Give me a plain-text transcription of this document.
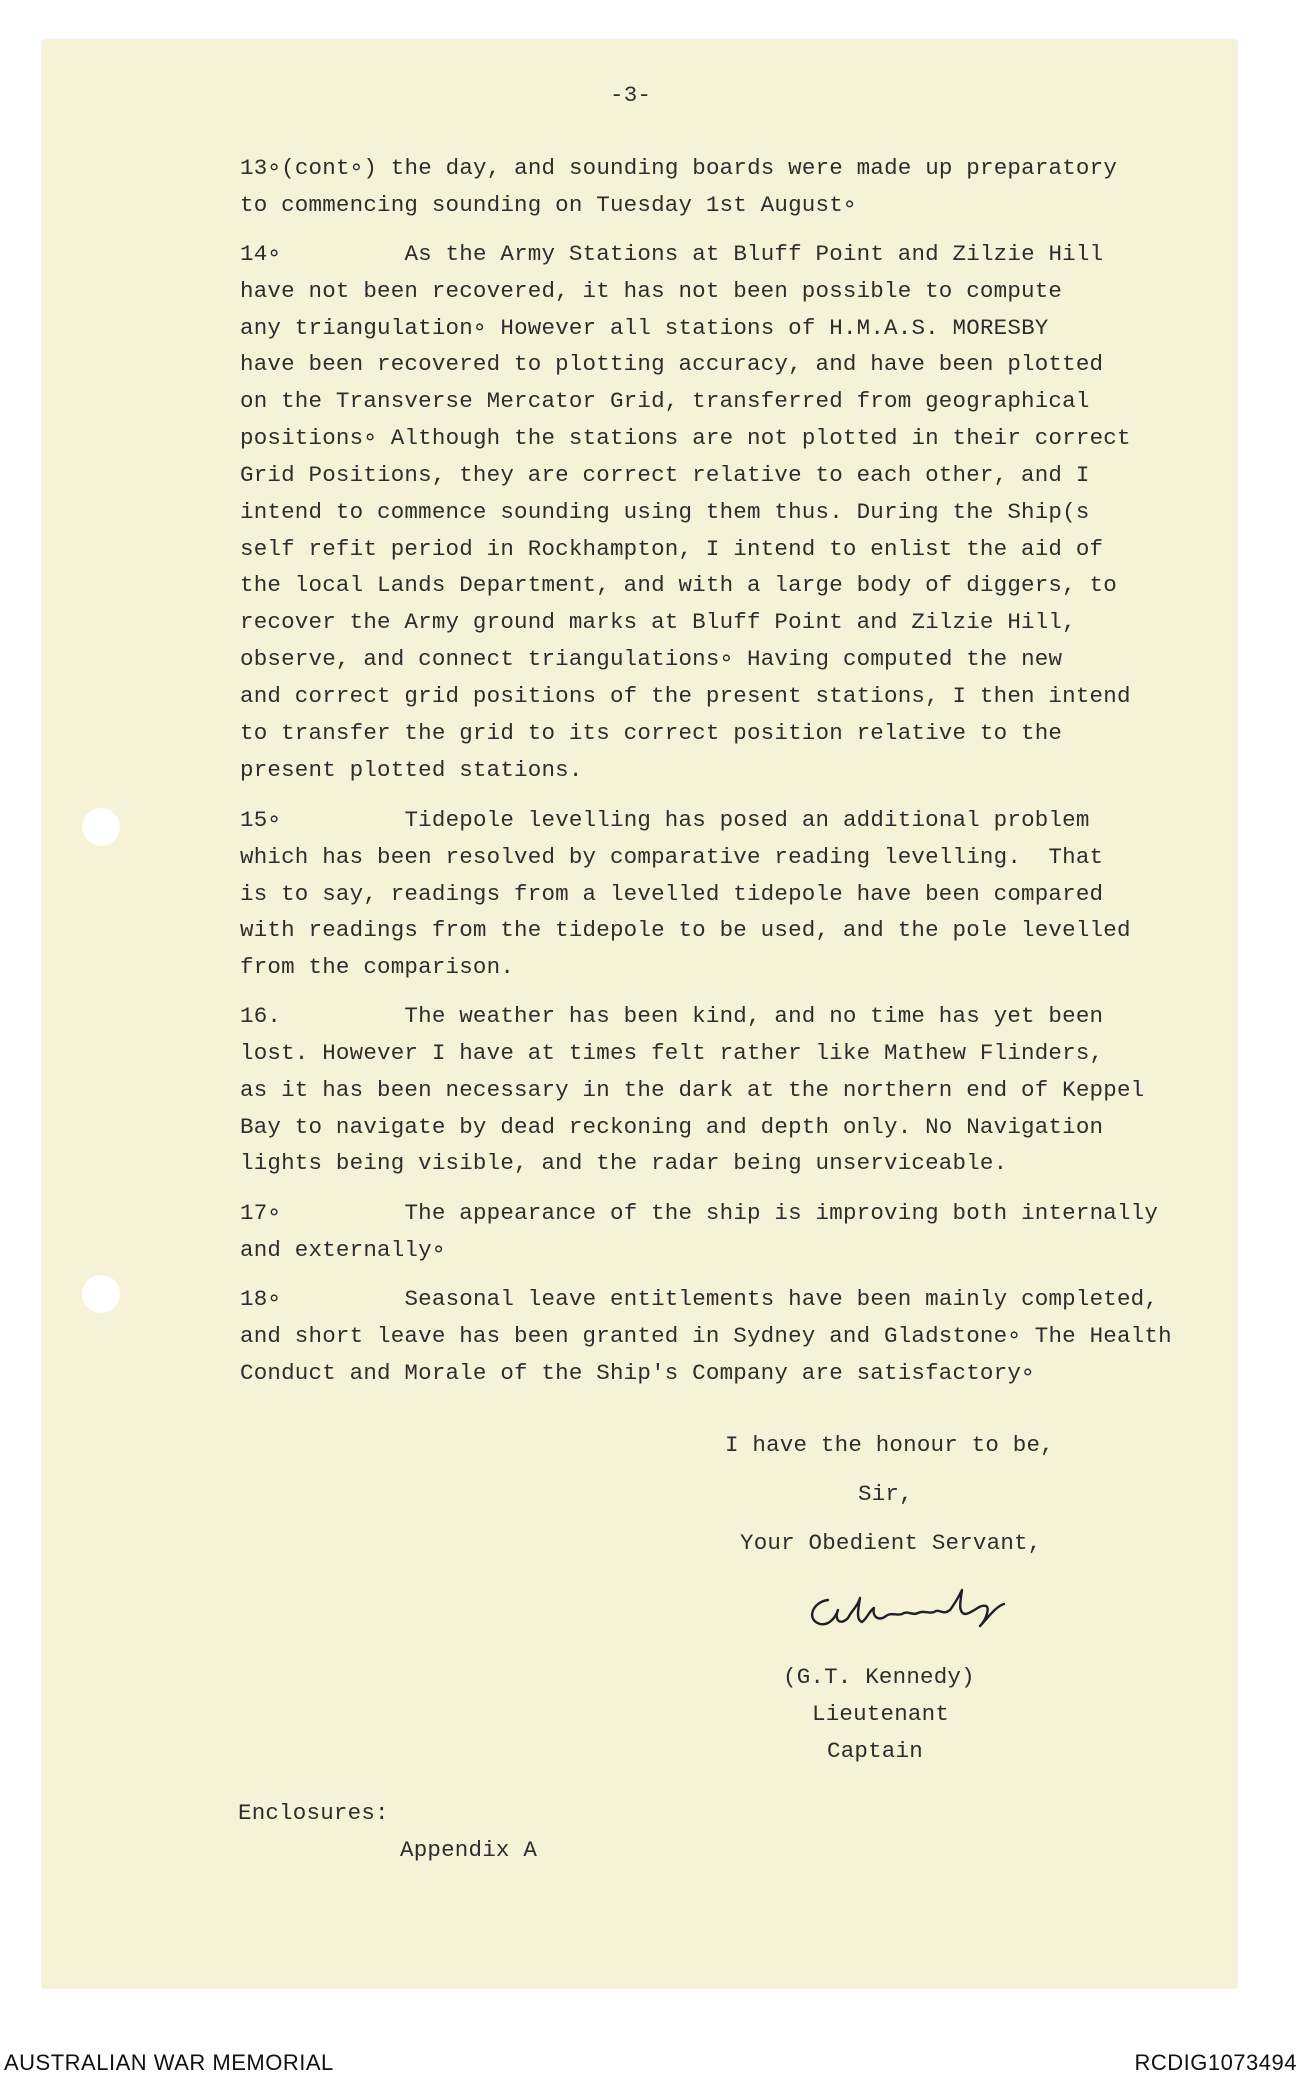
-3-
13∘(cont∘) the day, and sounding boards were made up preparatory
to commencing sounding on Tuesday 1st August∘
14∘         As the Army Stations at Bluff Point and Zilzie Hill
have not been recovered, it has not been possible to compute
any triangulation∘ However all stations of H.M.A.S. MORESBY
have been recovered to plotting accuracy, and have been plotted
on the Transverse Mercator Grid, transferred from geographical
positions∘ Although the stations are not plotted in their correct
Grid Positions, they are correct relative to each other, and I
intend to commence sounding using them thus. During the Ship(s
self refit period in Rockhampton, I intend to enlist the aid of
the local Lands Department, and with a large body of diggers, to
recover the Army ground marks at Bluff Point and Zilzie Hill,
observe, and connect triangulations∘ Having computed the new
and correct grid positions of the present stations, I then intend
to transfer the grid to its correct position relative to the
present plotted stations.
15∘         Tidepole levelling has posed an additional problem
which has been resolved by comparative reading levelling.  That
is to say, readings from a levelled tidepole have been compared
with readings from the tidepole to be used, and the pole levelled
from the comparison.
16.         The weather has been kind, and no time has yet been
lost. However I have at times felt rather like Mathew Flinders,
as it has been necessary in the dark at the northern end of Keppel
Bay to navigate by dead reckoning and depth only. No Navigation
lights being visible, and the radar being unserviceable.
17∘         The appearance of the ship is improving both internally
and externally∘
18∘         Seasonal leave entitlements have been mainly completed,
and short leave has been granted in Sydney and Gladstone∘ The Health
Conduct and Morale of the Ship's Company are satisfactory∘
I have the honour to be,
Sir,
Your Obedient Servant,
(G.T. Kennedy)
Lieutenant
Captain
Enclosures:
Appendix A
AUSTRALIAN WAR MEMORIAL	RCDIG1073494
